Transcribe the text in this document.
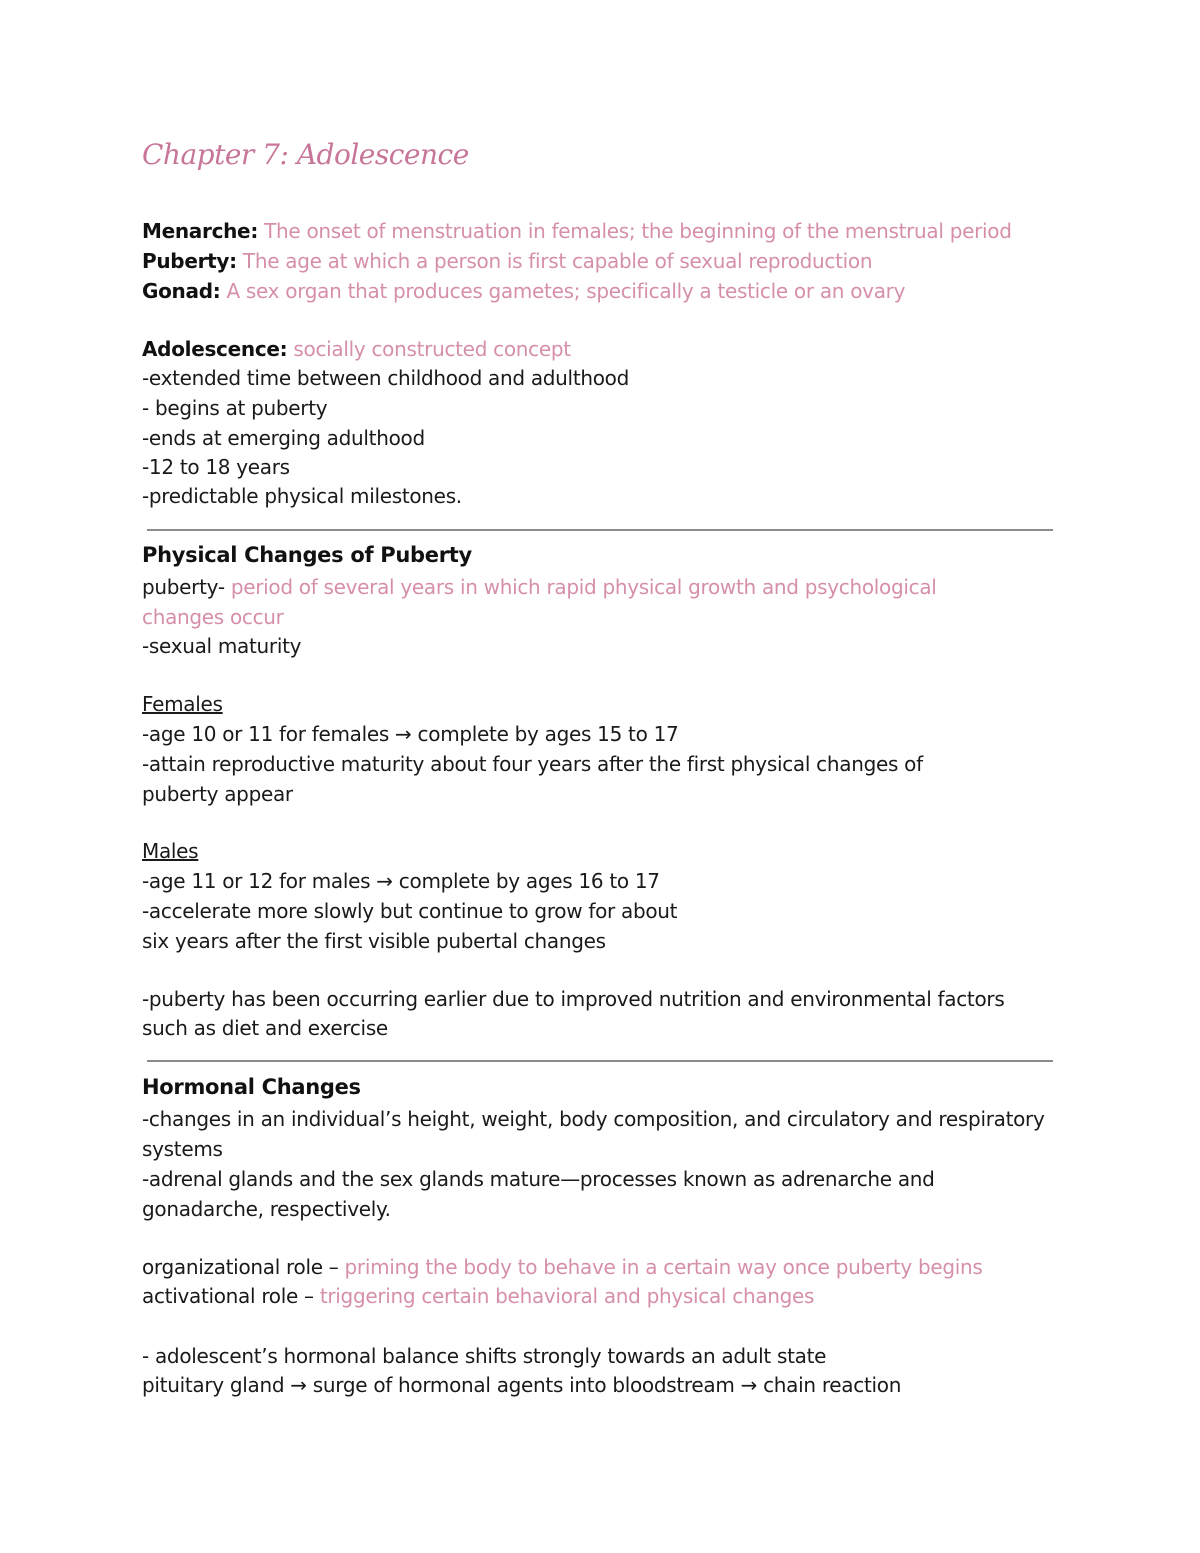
Chapter 7: Adolescence
Menarche: The onset of menstruation in females; the beginning of the menstrual period
Puberty: The age at which a person is first capable of sexual reproduction
Gonad: A sex organ that produces gametes; specifically a testicle or an ovary
Adolescence: socially constructed concept
-extended time between childhood and adulthood
- begins at puberty
-ends at emerging adulthood
-12 to 18 years
-predictable physical milestones.
Physical Changes of Puberty
puberty- period of several years in which rapid physical growth and psychological
changes occur
-sexual maturity
Females
-age 10 or 11 for females → complete by ages 15 to 17
-attain reproductive maturity about four years after the first physical changes of
puberty appear
Males
-age 11 or 12 for males → complete by ages 16 to 17
-accelerate more slowly but continue to grow for about
six years after the first visible pubertal changes
-puberty has been occurring earlier due to improved nutrition and environmental factors
such as diet and exercise
Hormonal Changes
-changes in an individual’s height, weight, body composition, and circulatory and respiratory
systems
-adrenal glands and the sex glands mature—processes known as adrenarche and
gonadarche, respectively.
organizational role – priming the body to behave in a certain way once puberty begins
activational role – triggering certain behavioral and physical changes
- adolescent’s hormonal balance shifts strongly towards an adult state
pituitary gland → surge of hormonal agents into bloodstream → chain reaction
